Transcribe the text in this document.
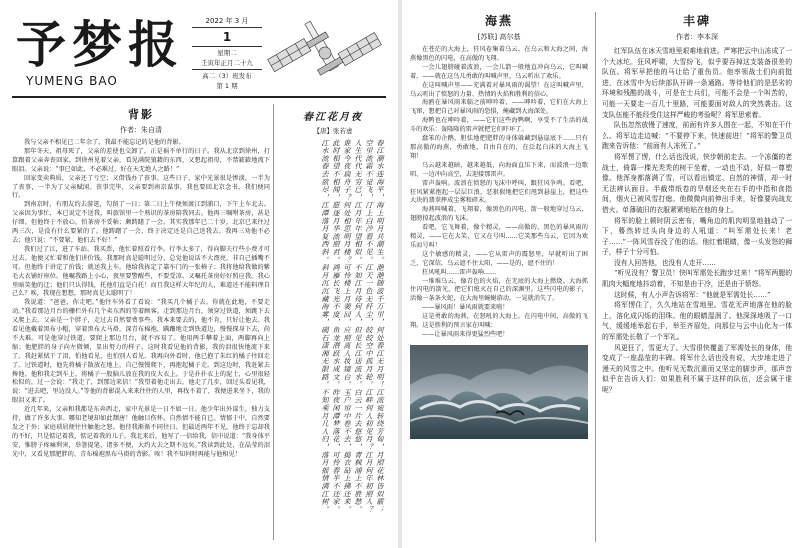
予梦报
YUMENG BAO
2022 年 3 月
1
星期二
壬寅年正月二十九
高二（3）班发布
第 1 期
背影
作者：朱自清

我与父亲不相见已二年余了，我最不能忘记的是他的背影。

那年冬天，祖母死了，父亲的差使也交卸了，正是祸不单行的日子。我从北京到徐州，打算跟着父亲奔丧回家。到徐州见着父亲，看见满院狼藉的东西，又想起祖母，不禁簌簌地流下眼泪。父亲说：“事已如此，不必难过，好在天无绝人之路！”

回家变卖典质，父亲还了亏空；又借钱办了丧事。这些日子，家中光景很是惨淡，一半为了丧事，一半为了父亲赋闲。丧事完毕，父亲要到南京谋事，我也要回北京念书，我们便同行。

到南京时，有朋友约去游逛，勾留了一日；第二日上午便须渡江到浦口，下午上车北去。父亲因为事忙，本已说定不送我，叫旅馆里一个熟识的茶房陪我同去。他再三嘱咐茶房，甚是仔细。但他终于不放心，怕茶房不妥帖；颇踌躇了一会。其实我那年已二十岁，北京已来往过两三次，是没有什么要紧的了。他踌躇了一会，终于决定还是自己送我去。我再三劝他不必去；他只说：“不要紧，他们去不好！”

我们过了江，进了车站。我买票，他忙着照看行李。行李太多了，得向脚夫行些小费才可过去。他便又忙着和他们讲价钱。我那时真是聪明过分，总觉他说话不大漂亮，非自己插嘴不可。但他终于讲定了价钱；就送我上车。他给我拣定了靠车门的一张椅子；我将他给我做的紫毛大衣铺好座位。他嘱我路上小心，夜里要警醒些，不要受凉。又嘱托茶房好好照应我。我心里暗笑他的迂；他们只认得钱，托他们直是白托！而且我这样大年纪的人，难道还不能料理自己么？唉，我现在想想，那时真是太聪明了！

我说道：“爸爸，你走吧。”他往车外看了看说：“我买几个橘子去。你就在此地，不要走动。”我看那边月台的栅栏外有几个卖东西的等着顾客。走到那边月台，须穿过铁道，须跳下去又爬上去。父亲是一个胖子，走过去自然要费事些。我本来要去的，他不肯，只好让他去。我看见他戴着黑布小帽，穿着黑布大马褂，深青布棉袍，蹒跚地走到铁道边，慢慢探身下去，尚不大难。可是他穿过铁道，要爬上那边月台，就不容易了。他用两手攀着上面，两脚再向上缩；他肥胖的身子向左微倾，显出努力的样子。这时我看见他的背影，我的泪很快地流下来了。我赶紧拭干了泪，怕他看见，也怕别人看见。我再向外看时，他已抱了朱红的橘子往回走了。过铁道时，他先将橘子散放在地上，自己慢慢爬下，再抱起橘子走。到这边时，我赶紧去搀他。他和我走到车上，将橘子一股脑儿放在我的皮大衣上。于是扑扑衣上的泥土，心里很轻松似的，过一会说：“我走了，到那边来信！”我望着他走出去。他走了几步，回过头看见我，说：“进去吧，里边没人。”等他的背影混入来来往往的人里，再找不着了，我便进来坐下，我的眼泪又来了。

近几年来，父亲和我都是东奔西走，家中光景是一日不如一日。他少年出外谋生，独力支持，做了许多大事。哪知老境却如此颓唐！他触目伤怀，自然情不能自已。情郁于中，自然要发之于外；家庭琐屑便往往触他之怒。他待我渐渐不同往日。但最近两年不见，他终于忘却我的不好，只是惦记着我，惦记着我的儿子。我北来后，他写了一信给我，信中说道：“我身体平安，惟膀子疼痛利害，举箸提笔，诸多不便，大约大去之期不远矣。”我读到此处，在晶莹的泪光中，又看见那肥胖的、青布棉袍黑布马褂的背影。唉！我不知何时再能与他相见！

春江花月夜
【唐】张若虚
春江潮水连海平，海上明月共潮生。滟滟随波千万里，何处春江无月明！江流宛转绕芳甸，月照花林皆似霰；空里流霜不觉飞，汀上白沙看不见。江天一色无纤尘，皎皎空中孤月轮。江畔何人初见月？江月何年初照人？人生代代无穷已，江月年年望相似。不知江月待何人，但见长江送流水。白云一片去悠悠，青枫浦上不胜愁。谁家今夜扁舟子？何处相思明月楼？可怜楼上月裴回，应照离人妆镜台。玉户帘中卷不去，捣衣砧上拂还来。此时相望不相闻，愿逐月华流照君。鸿雁长飞光不度，鱼龙潜跃水成文。昨夜闲潭梦落花，可怜春半不还家。江水流春去欲尽，江潭落月复西斜。斜月沉沉藏海雾，碣石潇湘无限路。不知乘月几人归，落月摇情满江树。
海燕
[苏联] 高尔基

在苍茫的大海上，狂风卷集着乌云。在乌云和大海之间，海燕像黑色的闪电，在高傲的飞翔。

一会儿翅膀碰着波浪，一会儿箭一般地直冲向乌云，它叫喊着，——就在这鸟儿勇敢的叫喊声里，乌云听出了欢乐。

在这叫喊声里——充满着对暴风雨的渴望！在这叫喊声里，乌云听出了愤怒的力量、热情的火焰和胜利的信心。

海鸥在暴风雨来临之前呻吟着，——呻吟着，它们在大海上飞窜，想把自己对暴风雨的恐惧，掩藏到大海深处。

海鸭也在呻吟着，——它们这些海鸭啊，享受不了生活的战斗的欢乐：轰隆隆的雷声就把它们吓坏了。

蠢笨的企鹅，胆怯地把肥胖的身体躲藏到悬崖底下……只有那高傲的海燕，勇敢地，自由自在的，在泛起白沫的大海上飞翔！

乌云越来越暗，越来越低，向海面直压下来，而波浪一边歌唱，一边冲向高空，去迎接那雷声。

雷声轰响。波浪在愤怒的飞沫中呼叫，跟狂风争鸣。看吧，狂风紧紧抱起一层层巨浪，恶狠狠地把它们甩到悬崖上，把这些大块的翡翠摔成尘雾和碎末。

海燕叫喊着，飞翔着，像黑色的闪电，箭一般地穿过乌云，翅膀掠起波浪的飞沫。

看吧，它飞舞着，像个精灵，——高傲的、黑色的暴风雨的精灵，——它在大笑，它又在号叫……它笑那些乌云，它因为欢乐而号叫！

这个敏感的精灵，——它从雷声的震怒里，早就听出了困乏，它深信，乌云遮不住太阳，——是的，遮不住的！

狂风吼叫……雷声轰响……

一堆堆乌云，像青色的火焰，在无底的大海上燃烧。大海抓住闪电的箭光，把它们熄灭在自己的深渊里。这些闪电的影子，活像一条条火蛇，在大海里蜿蜒游动，一晃就消失了。

——暴风雨！暴风雨就要来啦！

这是勇敢的海燕，在怒吼的大海上，在闪电中间，高傲的飞翔。这是胜利的预言家在叫喊：

——让暴风雨来得更猛烈些吧！

丰碑
作者：李本深

红军队伍在冰天雪地里艰难地前进。严寒把云中山冻成了一个大冰坨。狂风呼啸，大雪纷飞，似乎要吞掉这支装备很差的队伍。将军早把他的马让给了重伤员。他率领战士们向前挺进，在冰雪中为后续部队开辟一条通路。等待他们的是恶劣的环境和残酷的战斗，可是在士兵们，可能不会是一个叫苦的，可能一天要走一百几十里路，可能要面对敌人的突然袭击。这支队伍能不能经受住这样严峻的考验呢？将军思索着。

队伍忽然放慢了速度，前面有许多人围在一起，不知在干什么。将军边走边喊：“不要停下来，快速前进！”将军的警卫员跑来告诉他：“前面有人冻死了。”

将军愣了愣，什么话也没说，快步朝前走去。一个冻僵的老战士，倚靠一棵光秃秃的树干坐着，一动也不动，好似一尊塑像。他浑身都落满了雪，可以看出镇定、自然的神情，却一时无法辨认面目。半截带纸卷的旱烟还夹在右手的中指和食指间，烟火已被风雪打熄。他微微向前伸出手来，好像要向战友借火。单薄破旧的衣服紧紧地贴在他的身上。

将军的脸上顿时阴云密布，嘴角边的肌肉明显地抽动了一下，蓦然转过头向身边的人吼道：“叫军需处长来！老子……”一阵风雪吞没了他的话。他红着眼睛，像一头发怒的狮子，样子十分可怕。

没有人回答他，也没有人走开……

“听见没有？警卫员！快叫军需处长跑步过来！”将军两腮的肌肉大幅度地抖动着，不知是由于冷，还是由于愤怒。

这时候，有人小声告诉将军：“他就是军需处长……”

将军愣住了，久久地站在雪地里。雪花无声地落在他的脸上，溶化成闪烁的泪珠。他的眼睛湿润了。他深深地吸了一口气，缓缓地举起右手，举至齐眉处，向那位与云中山化为一体的军需处长敬了一个军礼。

风更狂了，雪更大了。大雪很快覆盖了军需处长的身体，他变成了一座晶莹的丰碑。将军什么话也没有说，大步地走进了漫天的风雪之中。他听见无数沉重而又坚定的脚步声，那声音似乎在告诉人们：如果胜利不属于这样的队伍，还会属于谁呢？
